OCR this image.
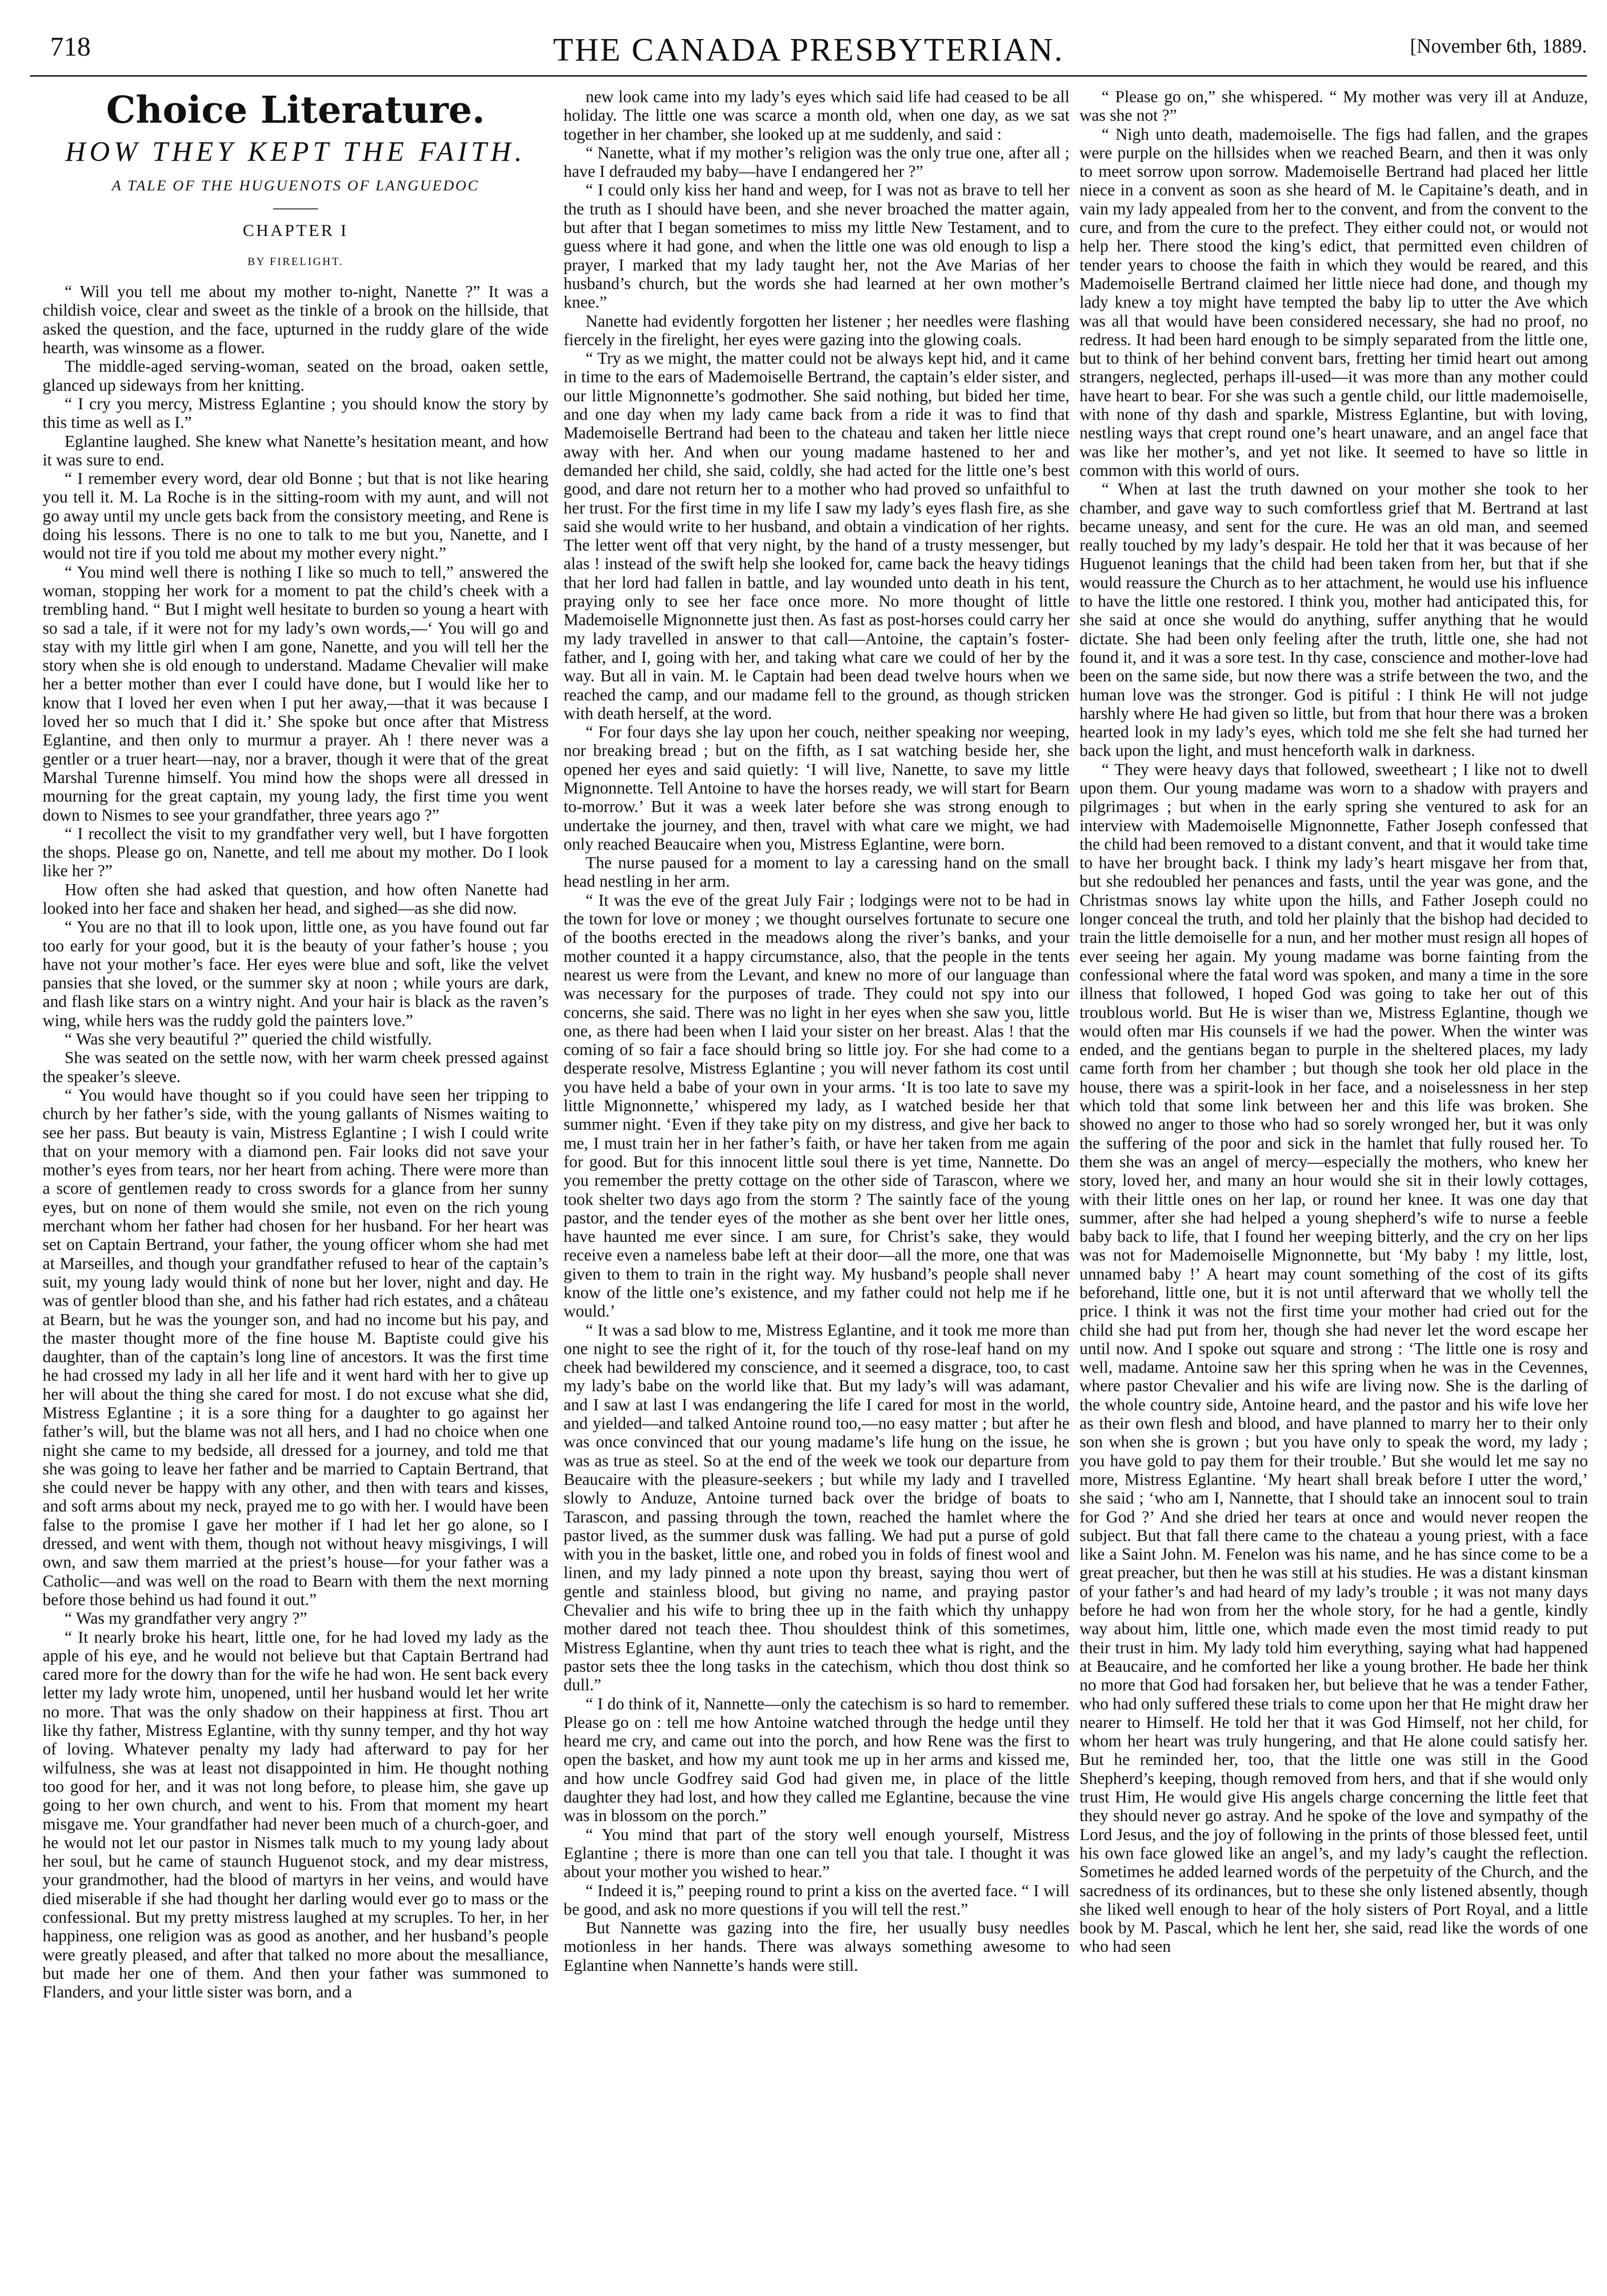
718	THE CANADA PRESBYTERIAN.	[November 6th, 1889.
Choice Literature.
HOW THEY KEPT THE FAITH.
A TALE OF THE HUGUENOTS OF LANGUEDOC
CHAPTER I
BY FIRELIGHT.

“ Will you tell me about my mother to-night, Nanette ?” It was a childish voice, clear and sweet as the tinkle of a brook on the hillside, that asked the question, and the face, upturned in the ruddy glare of the wide hearth, was winsome as a flower.

The middle-aged serving-woman, seated on the broad, oaken settle, glanced up sideways from her knitting.

“ I cry you mercy, Mistress Eglantine ; you should know the story by this time as well as I.”

Eglantine laughed. She knew what Nanette’s hesitation meant, and how it was sure to end.

“ I remember every word, dear old Bonne ; but that is not like hearing you tell it. M. La Roche is in the sitting-room with my aunt, and will not go away until my uncle gets back from the consistory meeting, and Rene is doing his lessons. There is no one to talk to me but you, Nanette, and I would not tire if you told me about my mother every night.”

“ You mind well there is nothing I like so much to tell,” answered the woman, stopping her work for a moment to pat the child’s cheek with a trembling hand. “ But I might well hesitate to burden so young a heart with so sad a tale, if it were not for my lady’s own words,—‘ You will go and stay with my little girl when I am gone, Nanette, and you will tell her the story when she is old enough to understand. Madame Chevalier will make her a better mother than ever I could have done, but I would like her to know that I loved her even when I put her away,—that it was because I loved her so much that I did it.’ She spoke but once after that Mistress Eglantine, and then only to murmur a prayer. Ah ! there never was a gentler or a truer heart—nay, nor a braver, though it were that of the great Marshal Turenne himself. You mind how the shops were all dressed in mourning for the great captain, my young lady, the first time you went down to Nismes to see your grandfather, three years ago ?”

“ I recollect the visit to my grandfather very well, but I have forgotten the shops. Please go on, Nanette, and tell me about my mother. Do I look like her ?”

How often she had asked that question, and how often Nanette had looked into her face and shaken her head, and sighed—as she did now.

“ You are no that ill to look upon, little one, as you have found out far too early for your good, but it is the beauty of your father’s house ; you have not your mother’s face. Her eyes were blue and soft, like the velvet pansies that she loved, or the summer sky at noon ; while yours are dark, and flash like stars on a wintry night. And your hair is black as the raven’s wing, while hers was the ruddy gold the painters love.”

“ Was she very beautiful ?” queried the child wistfully.

She was seated on the settle now, with her warm cheek pressed against the speaker’s sleeve.

“ You would have thought so if you could have seen her tripping to church by her father’s side, with the young gallants of Nismes waiting to see her pass. But beauty is vain, Mistress Eglantine ; I wish I could write that on your memory with a diamond pen. Fair looks did not save your mother’s eyes from tears, nor her heart from aching. There were more than a score of gentlemen ready to cross swords for a glance from her sunny eyes, but on none of them would she smile, not even on the rich young merchant whom her father had chosen for her husband. For her heart was set on Captain Bertrand, your father, the young officer whom she had met at Marseilles, and though your grandfather refused to hear of the captain’s suit, my young lady would think of none but her lover, night and day. He was of gentler blood than she, and his father had rich estates, and a château at Bearn, but he was the younger son, and had no income but his pay, and the master thought more of the fine house M. Baptiste could give his daughter, than of the captain’s long line of ancestors. It was the first time he had crossed my lady in all her life and it went hard with her to give up her will about the thing she cared for most. I do not excuse what she did, Mistress Eglantine ; it is a sore thing for a daughter to go against her father’s will, but the blame was not all hers, and I had no choice when one night she came to my bedside, all dressed for a journey, and told me that she was going to leave her father and be married to Captain Bertrand, that she could never be happy with any other, and then with tears and kisses, and soft arms about my neck, prayed me to go with her. I would have been false to the promise I gave her mother if I had let her go alone, so I dressed, and went with them, though not without heavy misgivings, I will own, and saw them married at the priest’s house—for your father was a Catholic—and was well on the road to Bearn with them the next morning before those behind us had found it out.”

“ Was my grandfather very angry ?”

“ It nearly broke his heart, little one, for he had loved my lady as the apple of his eye, and he would not believe but that Captain Bertrand had cared more for the dowry than for the wife he had won. He sent back every letter my lady wrote him, unopened, until her husband would let her write no more. That was the only shadow on their happiness at first. Thou art like thy father, Mistress Eglantine, with thy sunny temper, and thy hot way of loving. Whatever penalty my lady had afterward to pay for her wilfulness, she was at least not disappointed in him. He thought nothing too good for her, and it was not long before, to please him, she gave up going to her own church, and went to his. From that moment my heart misgave me. Your grandfather had never been much of a church-goer, and he would not let our pastor in Nismes talk much to my young lady about her soul, but he came of staunch Huguenot stock, and my dear mistress, your grandmother, had the blood of martyrs in her veins, and would have died miserable if she had thought her darling would ever go to mass or the confessional. But my pretty mistress laughed at my scruples. To her, in her happiness, one religion was as good as another, and her husband’s people were greatly pleased, and after that talked no more about the mesalliance, but made her one of them. And then your father was summoned to Flanders, and your little sister was born, and a

new look came into my lady’s eyes which said life had ceased to be all holiday. The little one was scarce a month old, when one day, as we sat together in her chamber, she looked up at me suddenly, and said :

“ Nanette, what if my mother’s religion was the only true one, after all ; have I defrauded my baby—have I endangered her ?”

“ I could only kiss her hand and weep, for I was not as brave to tell her the truth as I should have been, and she never broached the matter again, but after that I began sometimes to miss my little New Testament, and to guess where it had gone, and when the little one was old enough to lisp a prayer, I marked that my lady taught her, not the Ave Marias of her husband’s church, but the words she had learned at her own mother’s knee.”

Nanette had evidently forgotten her listener ; her needles were flashing fiercely in the firelight, her eyes were gazing into the glowing coals.

“ Try as we might, the matter could not be always kept hid, and it came in time to the ears of Mademoiselle Bertrand, the captain’s elder sister, and our little Mignonnette’s godmother. She said nothing, but bided her time, and one day when my lady came back from a ride it was to find that Mademoiselle Bertrand had been to the chateau and taken her little niece away with her. And when our young madame hastened to her and demanded her child, she said, coldly, she had acted for the little one’s best good, and dare not return her to a mother who had proved so unfaithful to her trust. For the first time in my life I saw my lady’s eyes flash fire, as she said she would write to her husband, and obtain a vindication of her rights. The letter went off that very night, by the hand of a trusty messenger, but alas ! instead of the swift help she looked for, came back the heavy tidings that her lord had fallen in battle, and lay wounded unto death in his tent, praying only to see her face once more. No more thought of little Mademoiselle Mignonnette just then. As fast as post-horses could carry her my lady travelled in answer to that call—Antoine, the captain’s foster-father, and I, going with her, and taking what care we could of her by the way. But all in vain. M. le Captain had been dead twelve hours when we reached the camp, and our madame fell to the ground, as though stricken with death herself, at the word.

“ For four days she lay upon her couch, neither speaking nor weeping, nor breaking bread ; but on the fifth, as I sat watching beside her, she opened her eyes and said quietly: ‘I will live, Nanette, to save my little Mignonnette. Tell Antoine to have the horses ready, we will start for Bearn to-morrow.’ But it was a week later before she was strong enough to undertake the journey, and then, travel with what care we might, we had only reached Beaucaire when you, Mistress Eglantine, were born.

The nurse paused for a moment to lay a caressing hand on the small head nestling in her arm.

“ It was the eve of the great July Fair ; lodgings were not to be had in the town for love or money ; we thought ourselves fortunate to secure one of the booths erected in the meadows along the river’s banks, and your mother counted it a happy circumstance, also, that the people in the tents nearest us were from the Levant, and knew no more of our language than was necessary for the purposes of trade. They could not spy into our concerns, she said. There was no light in her eyes when she saw you, little one, as there had been when I laid your sister on her breast. Alas ! that the coming of so fair a face should bring so little joy. For she had come to a desperate resolve, Mistress Eglantine ; you will never fathom its cost until you have held a babe of your own in your arms. ‘It is too late to save my little Mignonnette,’ whispered my lady, as I watched beside her that summer night. ‘Even if they take pity on my distress, and give her back to me, I must train her in her father’s faith, or have her taken from me again for good. But for this innocent little soul there is yet time, Nannette. Do you remember the pretty cottage on the other side of Tarascon, where we took shelter two days ago from the storm ? The saintly face of the young pastor, and the tender eyes of the mother as she bent over her little ones, have haunted me ever since. I am sure, for Christ’s sake, they would receive even a nameless babe left at their door—all the more, one that was given to them to train in the right way. My husband’s people shall never know of the little one’s existence, and my father could not help me if he would.’

“ It was a sad blow to me, Mistress Eglantine, and it took me more than one night to see the right of it, for the touch of thy rose-leaf hand on my cheek had bewildered my conscience, and it seemed a disgrace, too, to cast my lady’s babe on the world like that. But my lady’s will was adamant, and I saw at last I was endangering the life I cared for most in the world, and yielded—and talked Antoine round too,—no easy matter ; but after he was once convinced that our young madame’s life hung on the issue, he was as true as steel. So at the end of the week we took our departure from Beaucaire with the pleasure-seekers ; but while my lady and I travelled slowly to Anduze, Antoine turned back over the bridge of boats to Tarascon, and passing through the town, reached the hamlet where the pastor lived, as the summer dusk was falling. We had put a purse of gold with you in the basket, little one, and robed you in folds of finest wool and linen, and my lady pinned a note upon thy breast, saying thou wert of gentle and stainless blood, but giving no name, and praying pastor Chevalier and his wife to bring thee up in the faith which thy unhappy mother dared not teach thee. Thou shouldest think of this sometimes, Mistress Eglantine, when thy aunt tries to teach thee what is right, and the pastor sets thee the long tasks in the catechism, which thou dost think so dull.”

“ I do think of it, Nannette—only the catechism is so hard to remember. Please go on : tell me how Antoine watched through the hedge until they heard me cry, and came out into the porch, and how Rene was the first to open the basket, and how my aunt took me up in her arms and kissed me, and how uncle Godfrey said God had given me, in place of the little daughter they had lost, and how they called me Eglantine, because the vine was in blossom on the porch.”

“ You mind that part of the story well enough yourself, Mistress Eglantine ; there is more than one can tell you that tale. I thought it was about your mother you wished to hear.”

“ Indeed it is,” peeping round to print a kiss on the averted face. “ I will be good, and ask no more questions if you will tell the rest.”

But Nannette was gazing into the fire, her usually busy needles motionless in her hands. There was always something awesome to Eglantine when Nannette’s hands were still.

“ Please go on,” she whispered. “ My mother was very ill at Anduze, was she not ?”

“ Nigh unto death, mademoiselle. The figs had fallen, and the grapes were purple on the hillsides when we reached Bearn, and then it was only to meet sorrow upon sorrow. Mademoiselle Bertrand had placed her little niece in a convent as soon as she heard of M. le Capitaine’s death, and in vain my lady appealed from her to the convent, and from the convent to the cure, and from the cure to the prefect. They either could not, or would not help her. There stood the king’s edict, that permitted even children of tender years to choose the faith in which they would be reared, and this Mademoiselle Bertrand claimed her little niece had done, and though my lady knew a toy might have tempted the baby lip to utter the Ave which was all that would have been considered necessary, she had no proof, no redress. It had been hard enough to be simply separated from the little one, but to think of her behind convent bars, fretting her timid heart out among strangers, neglected, perhaps ill-used—it was more than any mother could have heart to bear. For she was such a gentle child, our little mademoiselle, with none of thy dash and sparkle, Mistress Eglantine, but with loving, nestling ways that crept round one’s heart unaware, and an angel face that was like her mother’s, and yet not like. It seemed to have so little in common with this world of ours.

“ When at last the truth dawned on your mother she took to her chamber, and gave way to such comfortless grief that M. Bertrand at last became uneasy, and sent for the cure. He was an old man, and seemed really touched by my lady’s despair. He told her that it was because of her Huguenot leanings that the child had been taken from her, but that if she would reassure the Church as to her attachment, he would use his influence to have the little one restored. I think you, mother had anticipated this, for she said at once she would do anything, suffer anything that he would dictate. She had been only feeling after the truth, little one, she had not found it, and it was a sore test. In thy case, conscience and mother-love had been on the same side, but now there was a strife between the two, and the human love was the stronger. God is pitiful : I think He will not judge harshly where He had given so little, but from that hour there was a broken hearted look in my lady’s eyes, which told me she felt she had turned her back upon the light, and must henceforth walk in darkness.

“ They were heavy days that followed, sweetheart ; I like not to dwell upon them. Our young madame was worn to a shadow with prayers and pilgrimages ; but when in the early spring she ventured to ask for an interview with Mademoiselle Mignonnette, Father Joseph confessed that the child had been removed to a distant convent, and that it would take time to have her brought back. I think my lady’s heart misgave her from that, but she redoubled her penances and fasts, until the year was gone, and the Christmas snows lay white upon the hills, and Father Joseph could no longer conceal the truth, and told her plainly that the bishop had decided to train the little demoiselle for a nun, and her mother must resign all hopes of ever seeing her again. My young madame was borne fainting from the confessional where the fatal word was spoken, and many a time in the sore illness that followed, I hoped God was going to take her out of this troublous world. But He is wiser than we, Mistress Eglantine, though we would often mar His counsels if we had the power. When the winter was ended, and the gentians began to purple in the sheltered places, my lady came forth from her chamber ; but though she took her old place in the house, there was a spirit-look in her face, and a noiselessness in her step which told that some link between her and this life was broken. She showed no anger to those who had so sorely wronged her, but it was only the suffering of the poor and sick in the hamlet that fully roused her. To them she was an angel of mercy—especially the mothers, who knew her story, loved her, and many an hour would she sit in their lowly cottages, with their little ones on her lap, or round her knee. It was one day that summer, after she had helped a young shepherd’s wife to nurse a feeble baby back to life, that I found her weeping bitterly, and the cry on her lips was not for Mademoiselle Mignonnette, but ‘My baby ! my little, lost, unnamed baby !’ A heart may count something of the cost of its gifts beforehand, little one, but it is not until afterward that we wholly tell the price. I think it was not the first time your mother had cried out for the child she had put from her, though she had never let the word escape her until now. And I spoke out square and strong : ‘The little one is rosy and well, madame. Antoine saw her this spring when he was in the Cevennes, where pastor Chevalier and his wife are living now. She is the darling of the whole country side, Antoine heard, and the pastor and his wife love her as their own flesh and blood, and have planned to marry her to their only son when she is grown ; but you have only to speak the word, my lady ; you have gold to pay them for their trouble.’ But she would let me say no more, Mistress Eglantine. ‘My heart shall break before I utter the word,’ she said ; ‘who am I, Nannette, that I should take an innocent soul to train for God ?’ And she dried her tears at once and would never reopen the subject. But that fall there came to the chateau a young priest, with a face like a Saint John. M. Fenelon was his name, and he has since come to be a great preacher, but then he was still at his studies. He was a distant kinsman of your father’s and had heard of my lady’s trouble ; it was not many days before he had won from her the whole story, for he had a gentle, kindly way about him, little one, which made even the most timid ready to put their trust in him. My lady told him everything, saying what had happened at Beaucaire, and he comforted her like a young brother. He bade her think no more that God had forsaken her, but believe that he was a tender Father, who had only suffered these trials to come upon her that He might draw her nearer to Himself. He told her that it was God Himself, not her child, for whom her heart was truly hungering, and that He alone could satisfy her. But he reminded her, too, that the little one was still in the Good Shepherd’s keeping, though removed from hers, and that if she would only trust Him, He would give His angels charge concerning the little feet that they should never go astray. And he spoke of the love and sympathy of the Lord Jesus, and the joy of following in the prints of those blessed feet, until his own face glowed like an angel’s, and my lady’s caught the reflection. Sometimes he added learned words of the perpetuity of the Church, and the sacredness of its ordinances, but to these she only listened absently, though she liked well enough to hear of the holy sisters of Port Royal, and a little book by M. Pascal, which he lent her, she said, read like the words of one who had seen
